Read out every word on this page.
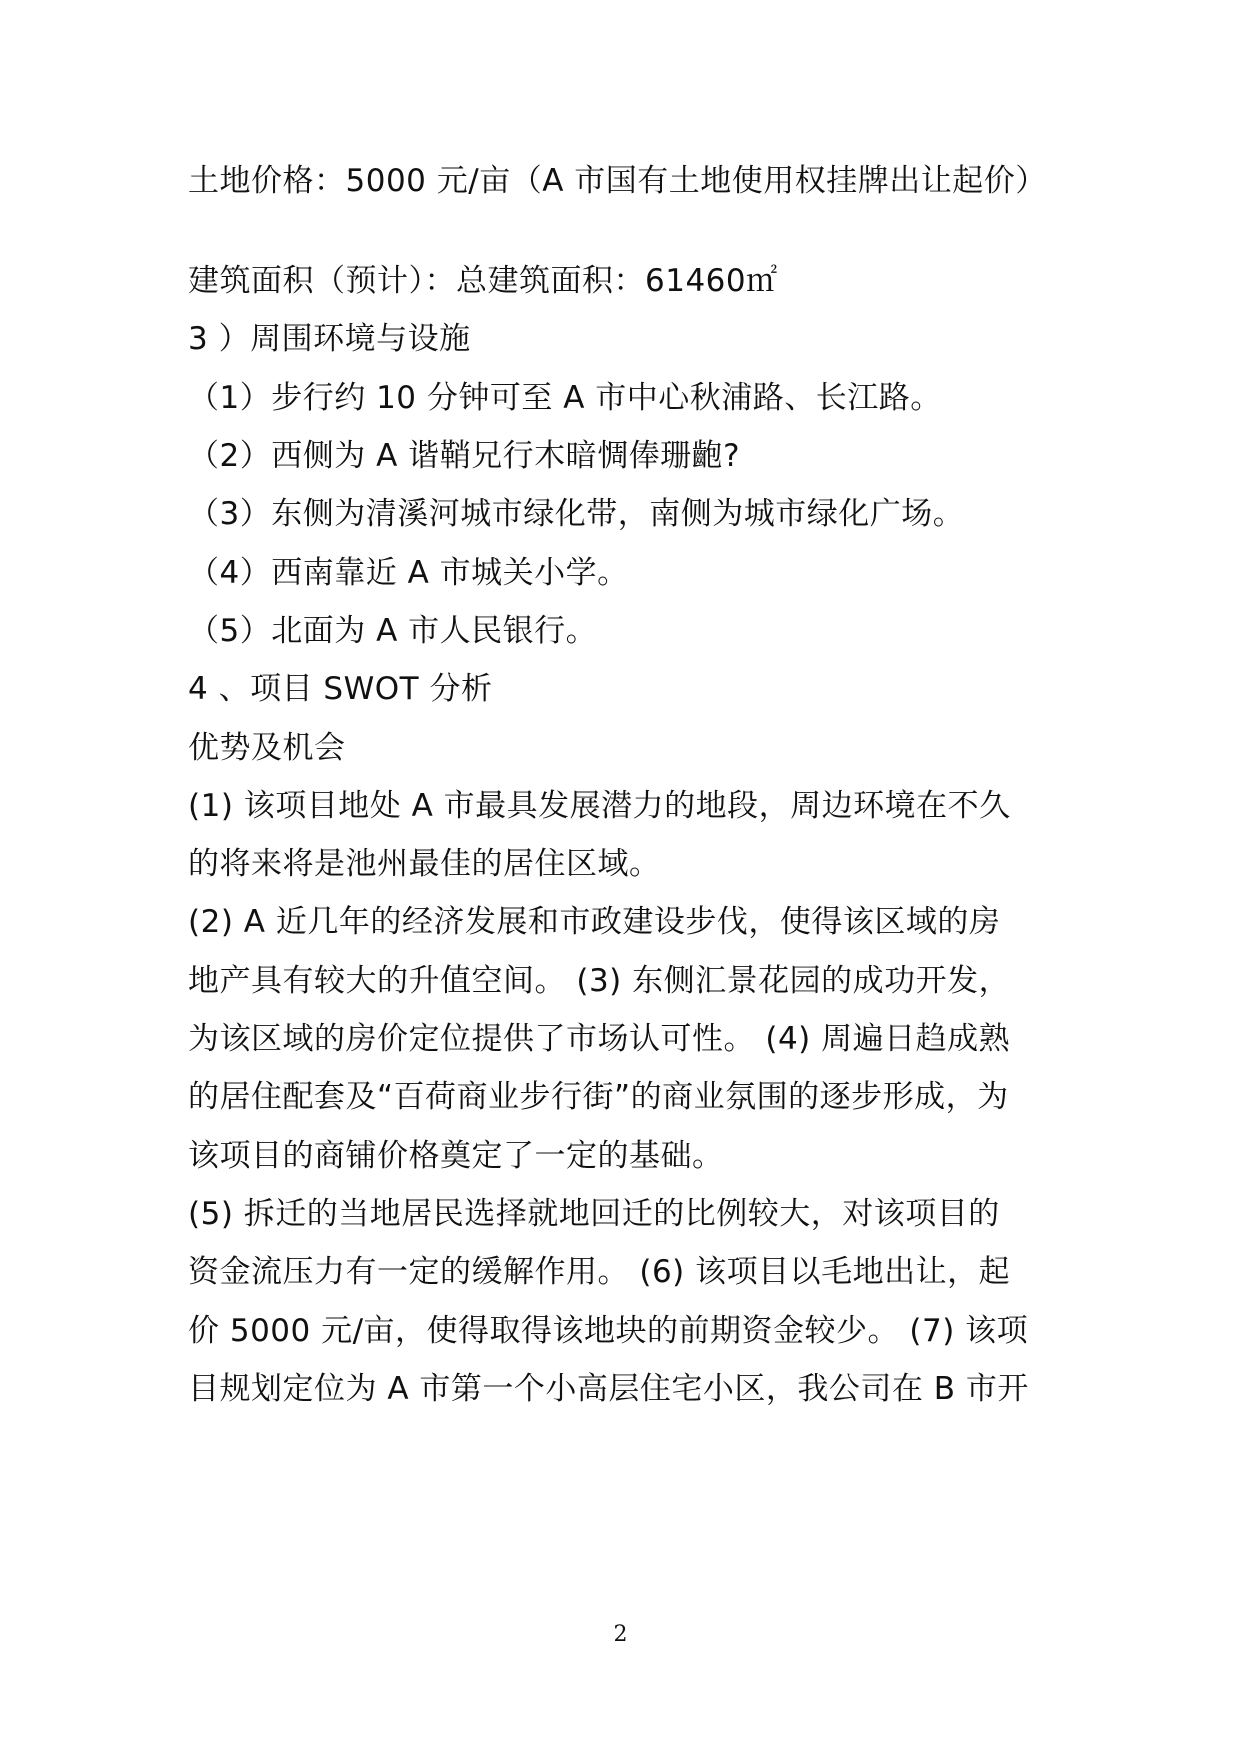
土地价格：5000 元/亩（A 市国有土地使用权挂牌出让起价）
建筑面积（预计）：总建筑面积：61460㎡
3 ）周围环境与设施
（1）步行约 10 分钟可至 A 市中心秋浦路、长江路。
（2）西侧为 A 谐鞘兄行木暗惆俸珊齙?
（3）东侧为清溪河城市绿化带，南侧为城市绿化广场。
（4）西南靠近 A 市城关小学。
（5）北面为 A 市人民银行。
4 、项目 SWOT 分析
优势及机会
(1) 该项目地处 A 市最具发展潜力的地段，周边环境在不久
的将来将是池州最佳的居住区域。
(2) A 近几年的经济发展和市政建设步伐，使得该区域的房
地产具有较大的升值空间。 (3) 东侧汇景花园的成功开发，
为该区域的房价定位提供了市场认可性。 (4) 周遍日趋成熟
的居住配套及“百荷商业步行街”的商业氛围的逐步形成，为
该项目的商铺价格奠定了一定的基础。
(5) 拆迁的当地居民选择就地回迁的比例较大，对该项目的
资金流压力有一定的缓解作用。 (6) 该项目以毛地出让，起
价 5000 元/亩，使得取得该地块的前期资金较少。 (7) 该项
目规划定位为 A 市第一个小高层住宅小区，我公司在 B 市开
2
